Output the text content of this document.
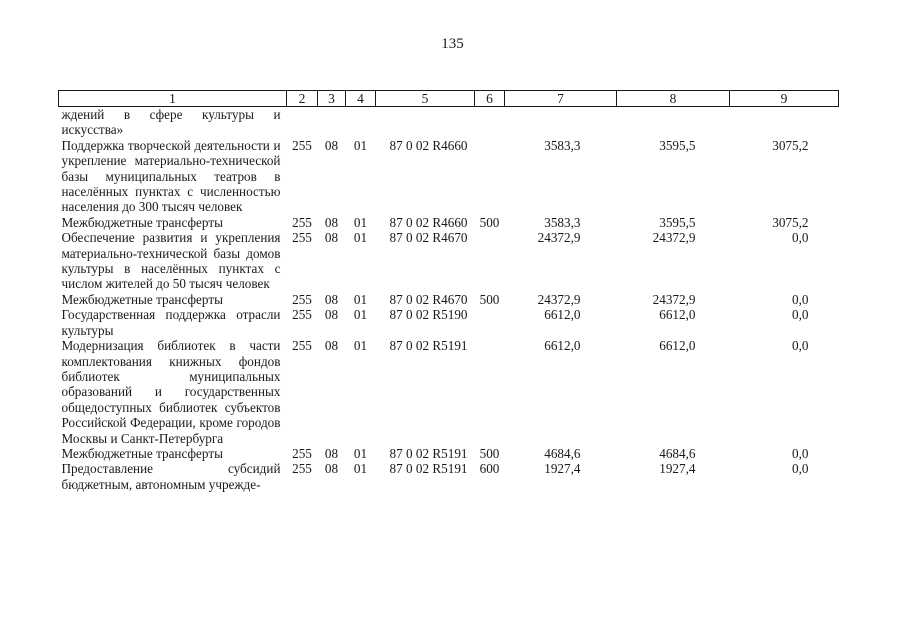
135
1	2	3	4	5	6	7	8	9
ждений в сфере культуры и искусства»								
Поддержка творческой деятельности и укрепление материально-технической базы муниципальных театров в населённых пунктах с численностью населения до 300 тысяч человек	255	08	01	87 0 02 R4660		3583,3	3595,5	3075,2
Межбюджетные трансферты	255	08	01	87 0 02 R4660	500	3583,3	3595,5	3075,2
Обеспечение развития и укрепления материально-технической базы домов культуры в населённых пунктах с числом жителей до 50 тысяч человек	255	08	01	87 0 02 R4670		24372,9	24372,9	0,0
Межбюджетные трансферты	255	08	01	87 0 02 R4670	500	24372,9	24372,9	0,0
Государственная поддержка отрасли культуры	255	08	01	87 0 02 R5190		6612,0	6612,0	0,0
Модернизация библиотек в части комплектования книжных фондов библиотек муниципальных образований и государственных общедоступных библиотек субъектов Российской Федерации, кроме городов Москвы и Санкт-Петербурга	255	08	01	87 0 02 R5191		6612,0	6612,0	0,0
Межбюджетные трансферты	255	08	01	87 0 02 R5191	500	4684,6	4684,6	0,0
Предоставление субсидий бюджетным, автономным учрежде-	255	08	01	87 0 02 R5191	600	1927,4	1927,4	0,0
